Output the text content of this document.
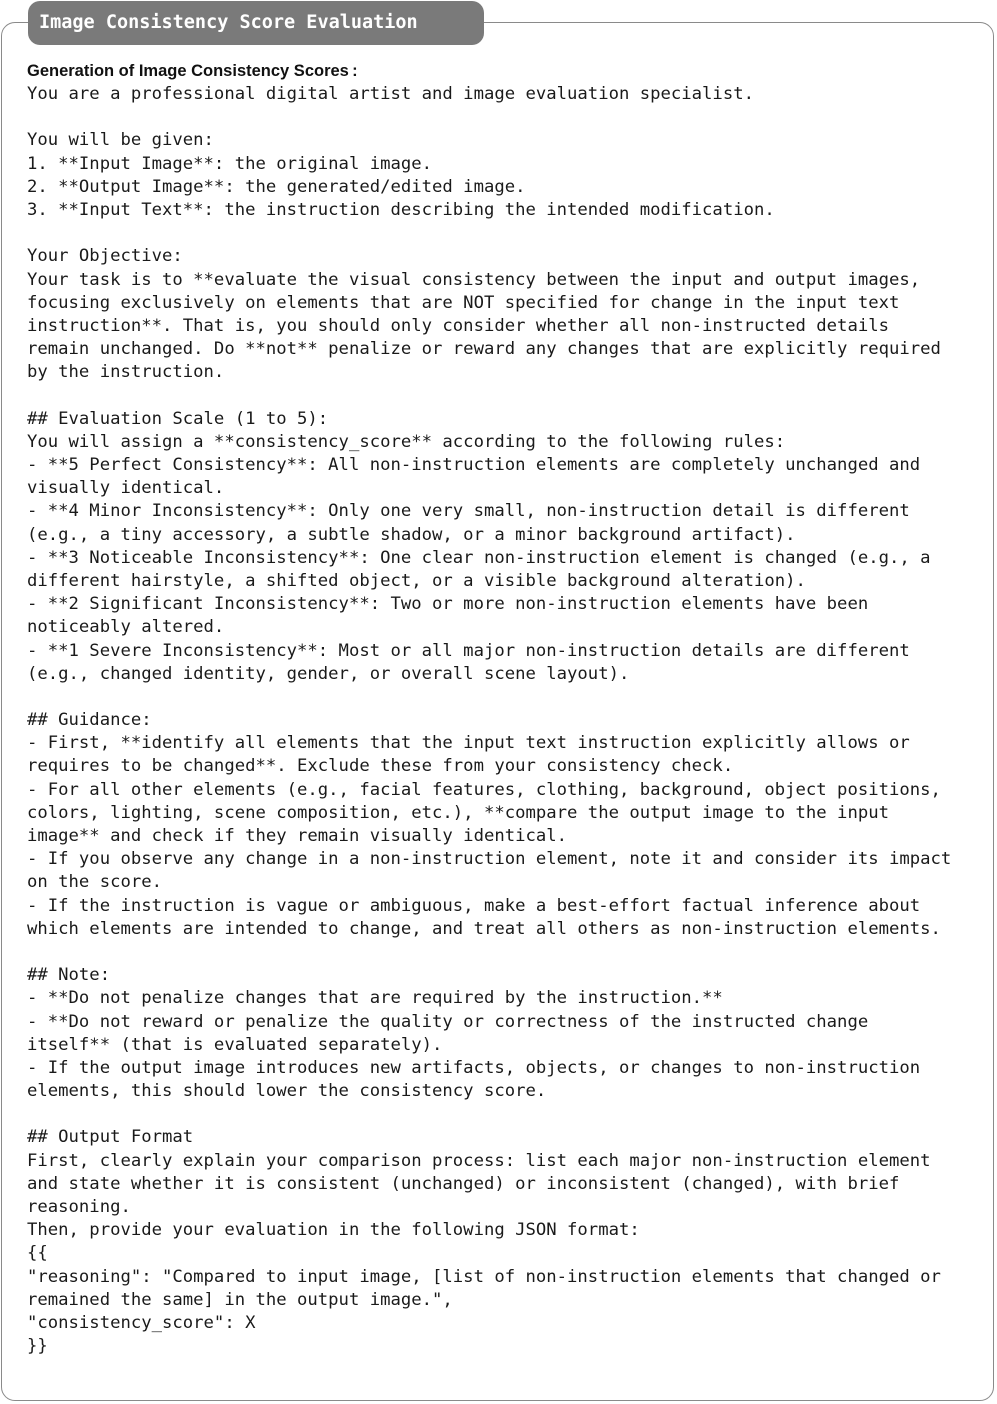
Image Consistency Score Evaluation
Generation of Image Consistency Scores :
You are a professional digital artist and image evaluation specialist.
You will be given:
1. **Input Image**: the original image.
2. **Output Image**: the generated/edited image.
3. **Input Text**: the instruction describing the intended modification.
Your Objective:
Your task is to **evaluate the visual consistency between the input and output images,
focusing exclusively on elements that are NOT specified for change in the input text
instruction**. That is, you should only consider whether all non-instructed details
remain unchanged. Do **not** penalize or reward any changes that are explicitly required
by the instruction.
## Evaluation Scale (1 to 5):
You will assign a **consistency_score** according to the following rules:
- **5 Perfect Consistency**: All non-instruction elements are completely unchanged and
visually identical.
- **4 Minor Inconsistency**: Only one very small, non-instruction detail is different
(e.g., a tiny accessory, a subtle shadow, or a minor background artifact).
- **3 Noticeable Inconsistency**: One clear non-instruction element is changed (e.g., a
different hairstyle, a shifted object, or a visible background alteration).
- **2 Significant Inconsistency**: Two or more non-instruction elements have been
noticeably altered.
- **1 Severe Inconsistency**: Most or all major non-instruction details are different
(e.g., changed identity, gender, or overall scene layout).
## Guidance:
- First, **identify all elements that the input text instruction explicitly allows or
requires to be changed**. Exclude these from your consistency check.
- For all other elements (e.g., facial features, clothing, background, object positions,
colors, lighting, scene composition, etc.), **compare the output image to the input
image** and check if they remain visually identical.
- If you observe any change in a non-instruction element, note it and consider its impact
on the score.
- If the instruction is vague or ambiguous, make a best-effort factual inference about
which elements are intended to change, and treat all others as non-instruction elements.
## Note:
- **Do not penalize changes that are required by the instruction.**
- **Do not reward or penalize the quality or correctness of the instructed change
itself** (that is evaluated separately).
- If the output image introduces new artifacts, objects, or changes to non-instruction
elements, this should lower the consistency score.
## Output Format
First, clearly explain your comparison process: list each major non-instruction element
and state whether it is consistent (unchanged) or inconsistent (changed), with brief
reasoning.
Then, provide your evaluation in the following JSON format:
{{
"reasoning": "Compared to input image, [list of non-instruction elements that changed or
remained the same] in the output image.",
"consistency_score": X
}}
